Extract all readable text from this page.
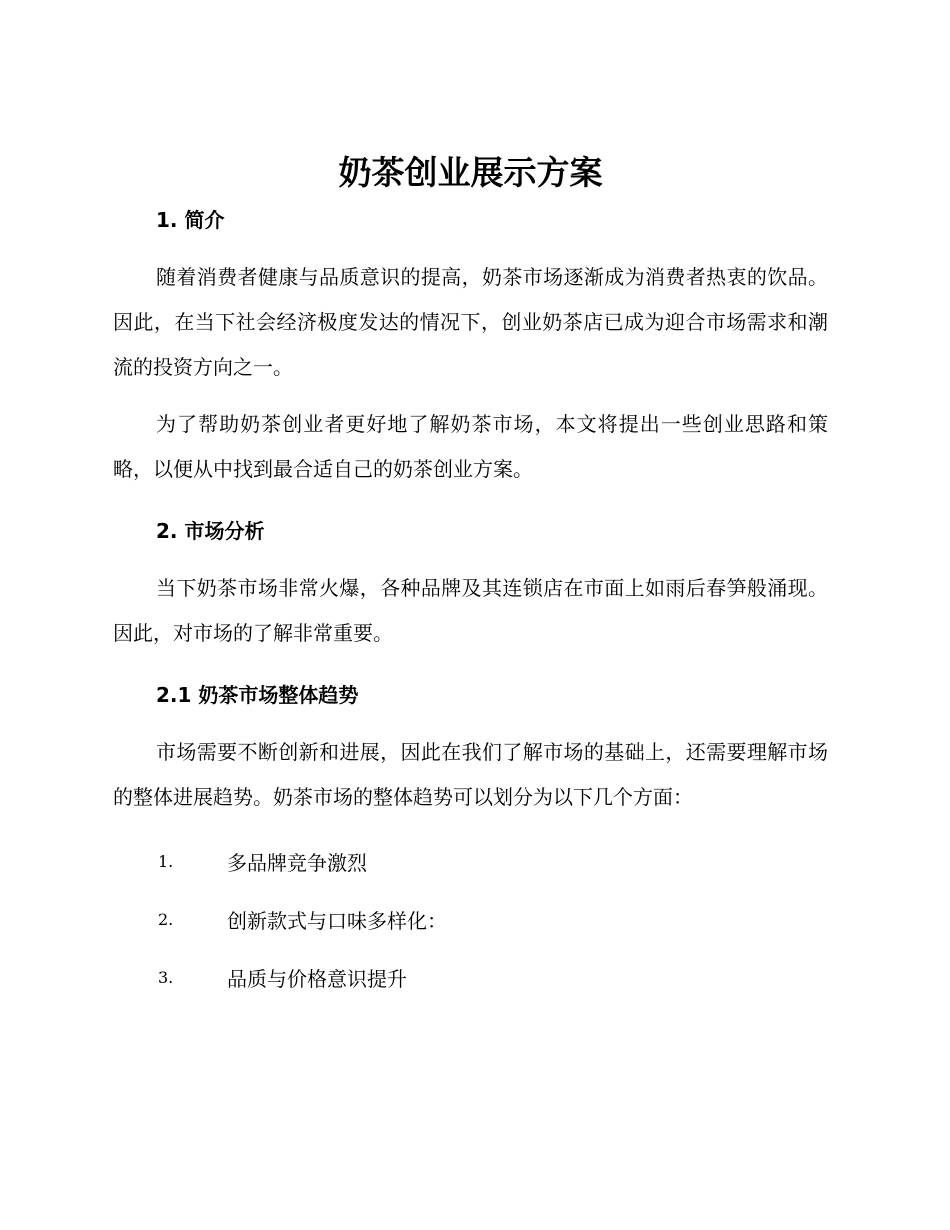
奶茶创业展示方案
1. 简介

随着消费者健康与品质意识的提高，奶茶市场逐渐成为消费者热衷的饮品。因此，在当下社会经济极度发达的情况下，创业奶茶店已成为迎合市场需求和潮流的投资方向之一。

为了帮助奶茶创业者更好地了解奶茶市场，本文将提出一些创业思路和策略，以便从中找到最合适自己的奶茶创业方案。

2. 市场分析

当下奶茶市场非常火爆，各种品牌及其连锁店在市面上如雨后春笋般涌现。因此，对市场的了解非常重要。

2.1 奶茶市场整体趋势

市场需要不断创新和进展，因此在我们了解市场的基础上，还需要理解市场的整体进展趋势。奶茶市场的整体趋势可以划分为以下几个方面：

1.	多品牌竞争激烈
2.	创新款式与口味多样化：
3.	品质与价格意识提升
